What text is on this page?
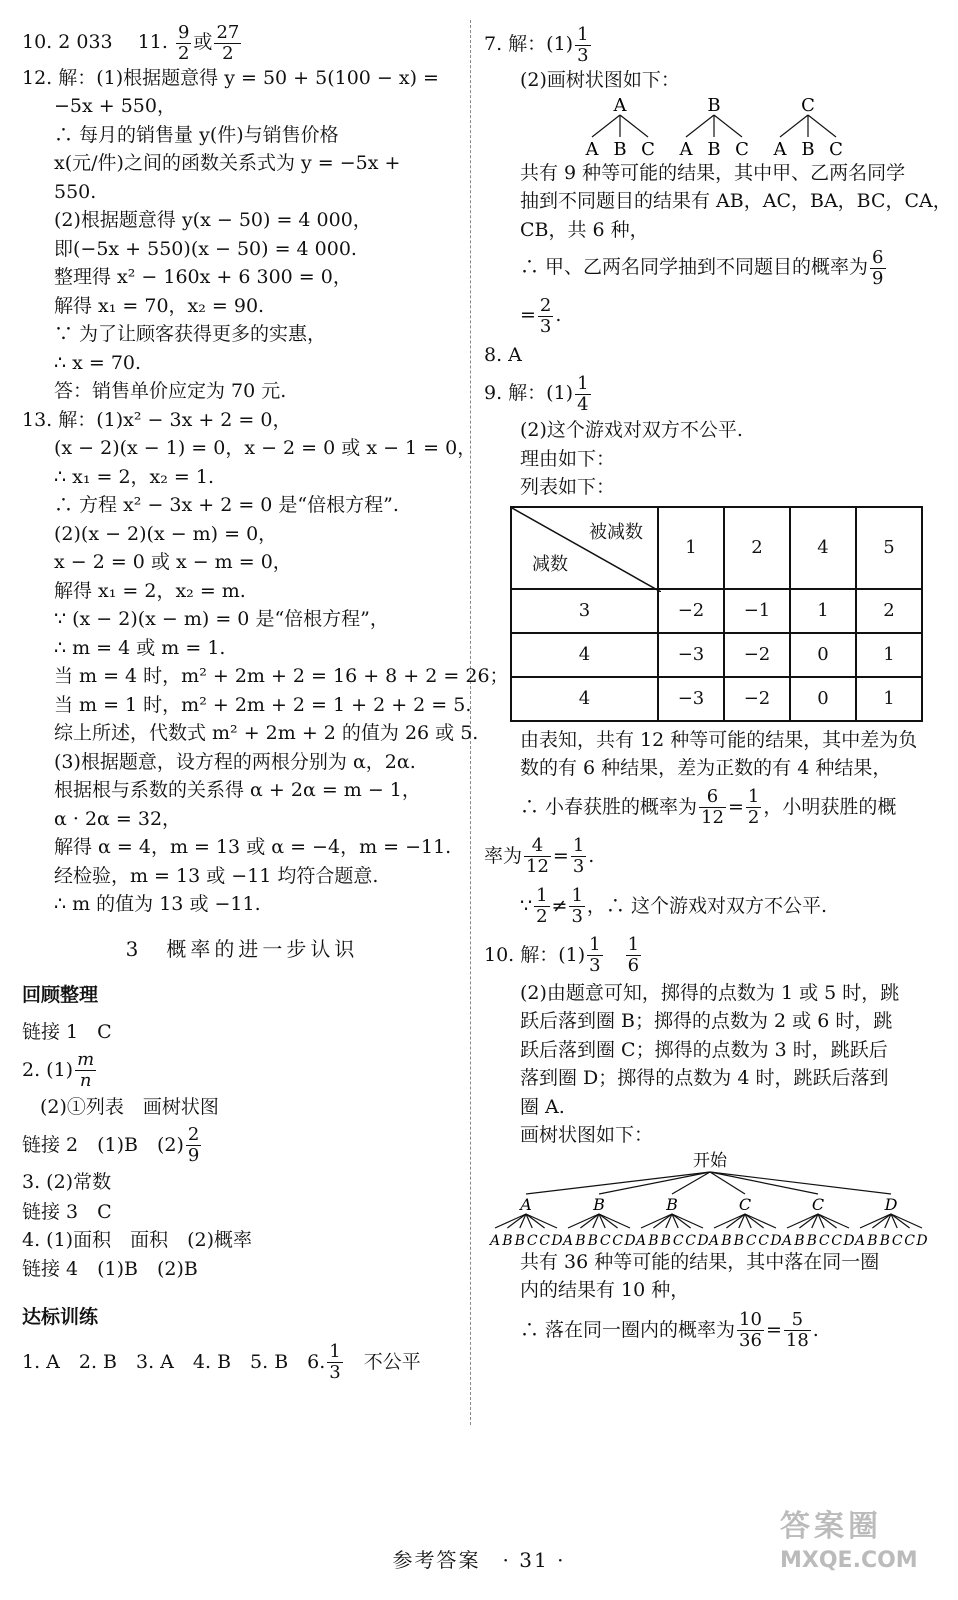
10. 2 033　 11. $\frac{9}{2}$ 或 $\frac{27}{2}$
12. 解：(1)根据题意得 y = 50 + 5(100 − x) =
−5x + 550，
∴ 每月的销售量 y(件)与销售价格
x(元/件)之间的函数关系式为 y = −5x +
550.
(2)根据题意得 y(x − 50) = 4 000，
即(−5x + 550)(x − 50) = 4 000.
整理得 x² − 160x + 6 300 = 0，
解得 x₁ = 70，x₂ = 90.
∵ 为了让顾客获得更多的实惠，
∴ x = 70.
答：销售单价应定为 70 元.
13. 解：(1)x² − 3x + 2 = 0，
(x − 2)(x − 1) = 0，x − 2 = 0 或 x − 1 = 0，
∴ x₁ = 2，x₂ = 1.
∴ 方程 x² − 3x + 2 = 0 是“倍根方程”.
(2)(x − 2)(x − m) = 0，
x − 2 = 0 或 x − m = 0，
解得 x₁ = 2，x₂ = m.
∵ (x − 2)(x − m) = 0 是“倍根方程”，
∴ m = 4 或 m = 1.
当 m = 4 时，m² + 2m + 2 = 16 + 8 + 2 = 26；
当 m = 1 时，m² + 2m + 2 = 1 + 2 + 2 = 5.
综上所述，代数式 m² + 2m + 2 的值为 26 或 5.
(3)根据题意，设方程的两根分别为 α，2α.
根据根与系数的关系得 α + 2α = m − 1，
α · 2α = 32，
解得 α = 4，m = 13 或 α = −4，m = −11.
经检验，m = 13 或 −11 均符合题意.
∴ m 的值为 13 或 −11.
3　概率的进一步认识
回顾整理
链接 1　C
2. $(1) \frac{m}{n}$
(2)①列表　画树状图
链接 2　(1)B　$(2) \frac{2}{9}$
3. (2)常数
链接 3　C
4. (1)面积　面积　(2)概率
链接 4　(1)B　(2)B
达标训练
1. A　2. B　3. A　4. B　5. B　6. $\frac{1}{3}$
　 不公平
7. 解：$(1) \frac{1}{3}$
(2)画树状图如下：
A
A B C
B
A B C
C
A B C
共有 9 种等可能的结果，其中甲、乙两名同学
抽到不同题目的结果有 AB，AC，BA，BC，CA，
CB，共 6 种，
∴ 甲、乙两名同学抽到不同题目的概率为 $\frac{6}{9}$
= $\frac{2}{3}$ .
8. A
9. 解：$(1) \frac{1}{4}$
(2)这个游戏对双方不公平.
理由如下：
列表如下：
被减数
减数	1	2	4	5
3	−2	−1	1	2
4	−3	−2	0	1
4	−3	−2	0	1
由表知，共有 12 种等可能的结果，其中差为负
数的有 6 种结果，差为正数的有 4 种结果，
∴ 小春获胜的概率为 $\frac{6}{12} = \frac{1}{2}$ ，小明获胜的概
率为 $\frac{4}{12} = \frac{1}{3}$ .
∵ $\frac{1}{2} \ne \frac{1}{3}$ ，∴ 这个游戏对双方不公平.
10. 解：$(1) \frac{1}{3}$
　 $\frac{1}{6}$
(2)由题意可知，掷得的点数为 1 或 5 时，跳
跃后落到圈 B；掷得的点数为 2 或 6 时，跳
跃后落到圈 C；掷得的点数为 3 时，跳跃后
落到圈 D；掷得的点数为 4 时，跳跃后落到
圈 A.
画树状图如下：
开始
A
A B B C C D
B
A B B C C D
B
A B B C C D
C
A B B C C D
C
A B B C C D
D
A B B C C D
共有 36 种等可能的结果，其中落在同一圈
内的结果有 10 种，
∴ 落在同一圈内的概率为 $\frac{10}{36} = \frac{5}{18}$ .
参考答案　 · 31 ·
答案圈
MXQE.COM
